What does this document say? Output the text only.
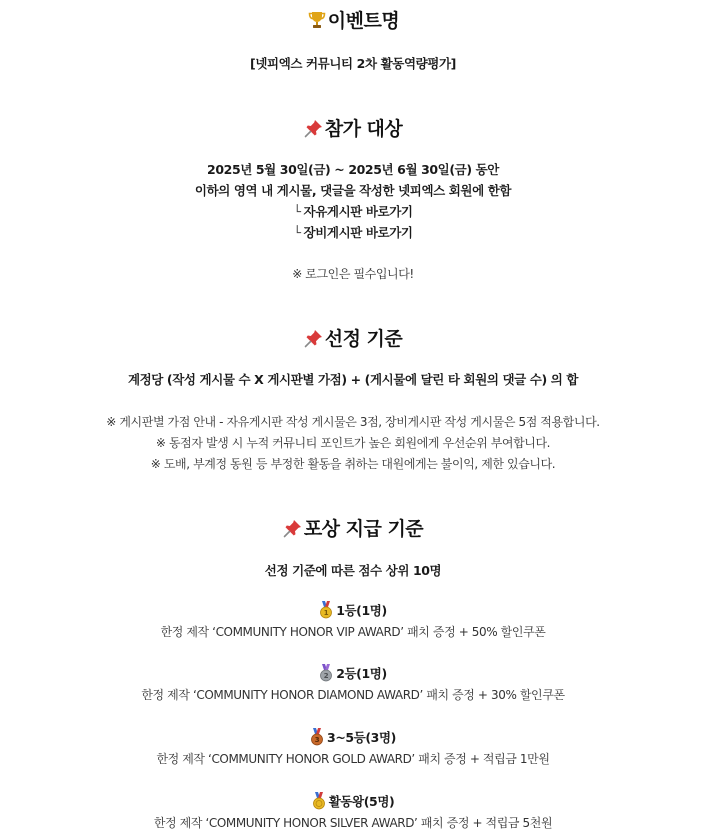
이벤트명
[넷피엑스 커뮤니티 2차 활동역량평가]
참가 대상
2025년 5월 30일(금) ~ 2025년 6월 30일(금) 동안
이하의 영역 내 게시물, 댓글을 작성한 넷피엑스 회원에 한함
└ 자유게시판 바로가기
└ 장비게시판 바로가기
※ 로그인은 필수입니다!
선정 기준
계정당 (작성 게시물 수 X 게시판별 가점) + (게시물에 달린 타 회원의 댓글 수) 의 합
※ 게시판별 가점 안내 - 자유게시판 작성 게시물은 3점, 장비게시판 작성 게시물은 5점 적용합니다.
※ 동점자 발생 시 누적 커뮤니티 포인트가 높은 회원에게 우선순위 부여합니다.
※ 도배, 부계정 동원 등 부정한 활동을 취하는 대원에게는 불이익, 제한 있습니다.
포상 지급 기준
선정 기준에 따른 점수 상위 10명
1 1등(1명)
한정 제작 ‘COMMUNITY HONOR VIP AWARD’ 패치 증정 + 50% 할인쿠폰
2 2등(1명)
한정 제작 ‘COMMUNITY HONOR DIAMOND AWARD’ 패치 증정 + 30% 할인쿠폰
3 3~5등(3명)
한정 제작 ‘COMMUNITY HONOR GOLD AWARD’ 패치 증정 + 적립금 1만원
활동왕(5명)
한정 제작 ‘COMMUNITY HONOR SILVER AWARD’ 패치 증정 + 적립금 5천원
